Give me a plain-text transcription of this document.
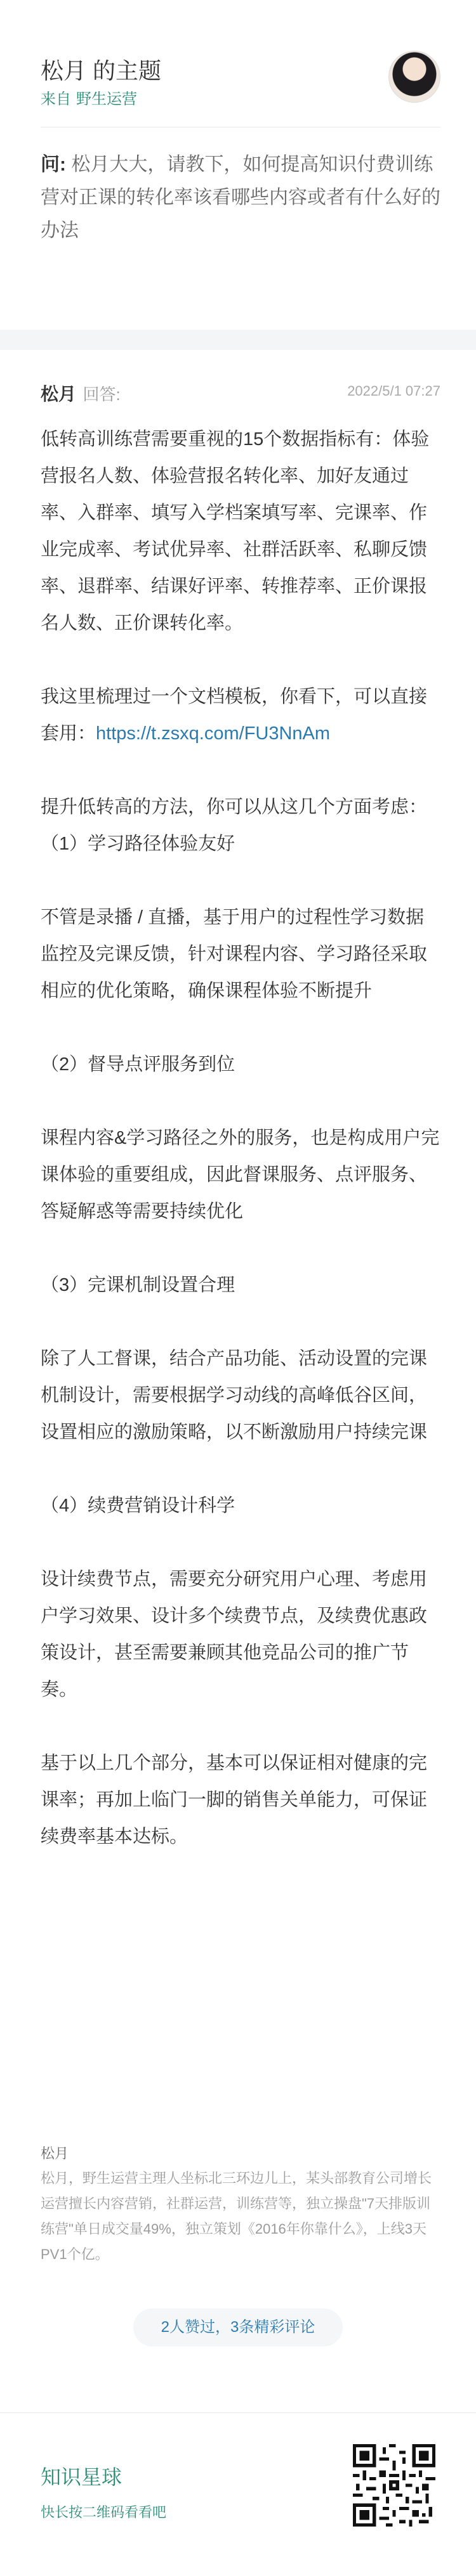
松月 的主题
来自 野生运营
问: 松月大大，请教下，如何提高知识付费训练营对正课的转化率该看哪些内容或者有什么好的办法
松月 回答:	2022/5/1 07:27

低转高训练营需要重视的15个数据指标有：体验营报名人数、体验营报名转化率、加好友通过率、入群率、填写入学档案填写率、完课率、作业完成率、考试优异率、社群活跃率、私聊反馈率、退群率、结课好评率、转推荐率、正价课报名人数、正价课转化率。

我这里梳理过一个文档模板，你看下，可以直接套用：https://t.zsxq.com/FU3NnAm

提升低转高的方法，你可以从这几个方面考虑：
（1）学习路径体验友好

不管是录播 / 直播，基于用户的过程性学习数据监控及完课反馈，针对课程内容、学习路径采取相应的优化策略，确保课程体验不断提升

（2）督导点评服务到位

课程内容&学习路径之外的服务，也是构成用户完课体验的重要组成，因此督课服务、点评服务、答疑解惑等需要持续优化

（3）完课机制设置合理

除了人工督课，结合产品功能、活动设置的完课机制设计，需要根据学习动线的高峰低谷区间，设置相应的激励策略，以不断激励用户持续完课

（4）续费营销设计科学

设计续费节点，需要充分研究用户心理、考虑用户学习效果、设计多个续费节点，及续费优惠政策设计，甚至需要兼顾其他竞品公司的推广节奏。

基于以上几个部分，基本可以保证相对健康的完课率；再加上临门一脚的销售关单能力，可保证续费率基本达标。

松月
松月，野生运营主理人坐标北三环边儿上，某头部教育公司增长运营擅长内容营销，社群运营，训练营等，独立操盘"7天排版训练营"单日成交量49%，独立策划《2016年你靠什么》，上线3天PV1个亿。
2人赞过，3条精彩评论
知识星球
快长按二维码看看吧
